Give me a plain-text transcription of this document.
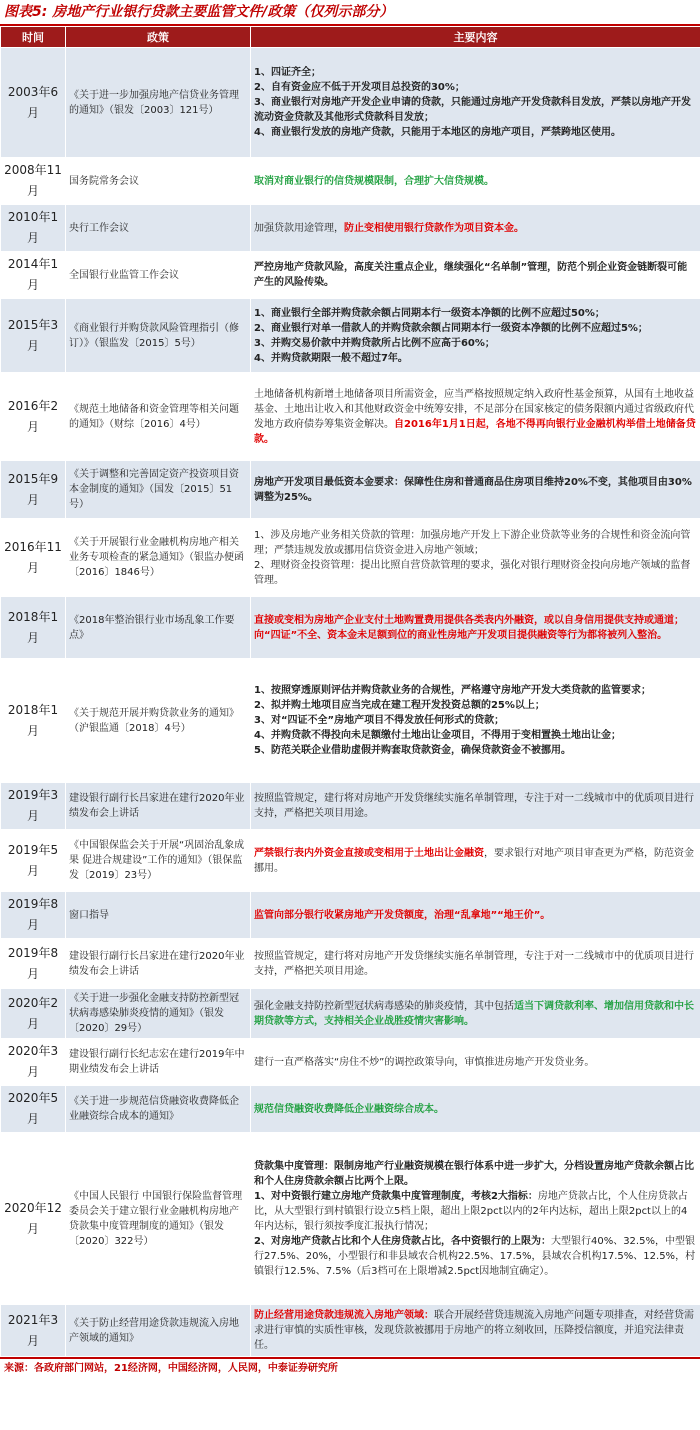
图表5: 房地产行业银行贷款主要监管文件/政策（仅列示部分）
时间	政策	主要内容
2003年6月	《关于进一步加强房地产信贷业务管理的通知》（银发〔2003〕121号）	1、四证齐全；
2、自有资金应不低于开发项目总投资的30%；
3、商业银行对房地产开发企业申请的贷款，只能通过房地产开发贷款科目发放，严禁以房地产开发流动资金贷款及其他形式贷款科目发放；
4、商业银行发放的房地产贷款，只能用于本地区的房地产项目，严禁跨地区使用。

2008年11月	国务院常务会议	取消对商业银行的信贷规模限制，合理扩大信贷规模。

2010年1月	央行工作会议	加强贷款用途管理，防止变相使用银行贷款作为项目资本金。

2014年1月	全国银行业监管工作会议	严控房地产贷款风险，高度关注重点企业，继续强化“名单制”管理，防范个别企业资金链断裂可能产生的风险传染。

2015年3月	《商业银行并购贷款风险管理指引（修订）》（银监发〔2015〕5号）	1、商业银行全部并购贷款余额占同期本行一级资本净额的比例不应超过50%；
2、商业银行对单一借款人的并购贷款余额占同期本行一级资本净额的比例不应超过5%；
3、并购交易价款中并购贷款所占比例不应高于60%；
4、并购贷款期限一般不超过7年。

2016年2月	《规范土地储备和资金管理等相关问题的通知》（财综〔2016〕4号）	土地储备机构新增土地储备项目所需资金，应当严格按照规定纳入政府性基金预算，从国有土地收益基金、土地出让收入和其他财政资金中统筹安排，不足部分在国家核定的债务限额内通过省级政府代发地方政府债券筹集资金解决。自2016年1月1日起，各地不得再向银行业金融机构举借土地储备贷款。

2015年9月	《关于调整和完善固定资产投资项目资本金制度的通知》（国发〔2015〕51号）	房地产开发项目最低资本金要求：保障性住房和普通商品住房项目维持20%不变，其他项目由30%调整为25%。

2016年11月	《关于开展银行业金融机构房地产相关业务专项检查的紧急通知》（银监办便函〔2016〕1846号）	1、涉及房地产业务相关贷款的管理：加强房地产开发上下游企业贷款等业务的合规性和资金流向管理；严禁违规发放或挪用信贷资金进入房地产领域；
2、理财资金投资管理：提出比照自营贷款管理的要求，强化对银行理财资金投向房地产领域的监督管理。

2018年1月	《2018年整治银行业市场乱象工作要点》	直接或变相为房地产企业支付土地购置费用提供各类表内外融资，或以自身信用提供支持或通道；向“四证”不全、资本金未足额到位的商业性房地产开发项目提供融资等行为都将被列入整治。

2018年1月	《关于规范开展并购贷款业务的通知》（沪银监通〔2018〕4号）	1、按照穿透原则评估并购贷款业务的合规性，严格遵守房地产开发大类贷款的监管要求；
2、拟并购土地项目应当完成在建工程开发投资总额的25%以上；
3、对“四证不全”房地产项目不得发放任何形式的贷款；
4、并购贷款不得投向未足额缴付土地出让金项目，不得用于变相置换土地出让金；
5、防范关联企业借助虚假并购套取贷款资金，确保贷款资金不被挪用。

2019年3月	建设银行副行长吕家进在建行2020年业绩发布会上讲话	按照监管规定，建行将对房地产开发贷继续实施名单制管理，专注于对一二线城市中的优质项目进行支持，严格把关项目用途。

2019年5月	《中国银保监会关于开展“巩固治乱象成果 促进合规建设”工作的通知》（银保监发〔2019〕23号）	严禁银行表内外资金直接或变相用于土地出让金融资，要求银行对地产项目审查更为严格，防范资金挪用。

2019年8月	窗口指导	监管向部分银行收紧房地产开发贷额度，治理“乱拿地”“地王价”。

2019年8月	建设银行副行长吕家进在建行2020年业绩发布会上讲话	按照监管规定，建行将对房地产开发贷继续实施名单制管理，专注于对一二线城市中的优质项目进行支持，严格把关项目用途。

2020年2月	《关于进一步强化金融支持防控新型冠状病毒感染肺炎疫情的通知》（银发〔2020〕29号）	强化金融支持防控新型冠状病毒感染的肺炎疫情，其中包括适当下调贷款利率、增加信用贷款和中长期贷款等方式，支持相关企业战胜疫情灾害影响。

2020年3月	建设银行副行长纪志宏在建行2019年中期业绩发布会上讲话	建行一直严格落实“房住不炒”的调控政策导向，审慎推进房地产开发贷业务。

2020年5月	《关于进一步规范信贷融资收费降低企业融资综合成本的通知》	规范信贷融资收费降低企业融资综合成本。

2020年12月	《中国人民银行 中国银行保险监督管理委员会关于建立银行业金融机构房地产贷款集中度管理制度的通知》（银发〔2020〕322号）	贷款集中度管理：限制房地产行业融资规模在银行体系中进一步扩大，分档设置房地产贷款余额占比和个人住房贷款余额占比两个上限。
1、对中资银行建立房地产贷款集中度管理制度，考核2大指标：房地产贷款占比，个人住房贷款占比，从大型银行到村镇银行设立5档上限，超出上限2pct以内的2年内达标，超出上限2pct以上的4年内达标，银行须按季度汇报执行情况；
2、对房地产贷款占比和个人住房贷款占比，各中资银行的上限为：大型银行40%、32.5%，中型银行27.5%、20%，小型银行和非县域农合机构22.5%、17.5%，县域农合机构17.5%、12.5%，村镇银行12.5%、7.5%（后3档可在上限增减2.5pct因地制宜确定）。

2021年3月	《关于防止经营用途贷款违规流入房地产领域的通知》	防止经营用途贷款违规流入房地产领域：联合开展经营贷违规流入房地产问题专项排查，对经营贷需求进行审慎的实质性审核，发现贷款被挪用于房地产的将立刻收回，压降授信额度，并追究法律责任。
来源：各政府部门网站，21经济网，中国经济网，人民网，中泰证券研究所
